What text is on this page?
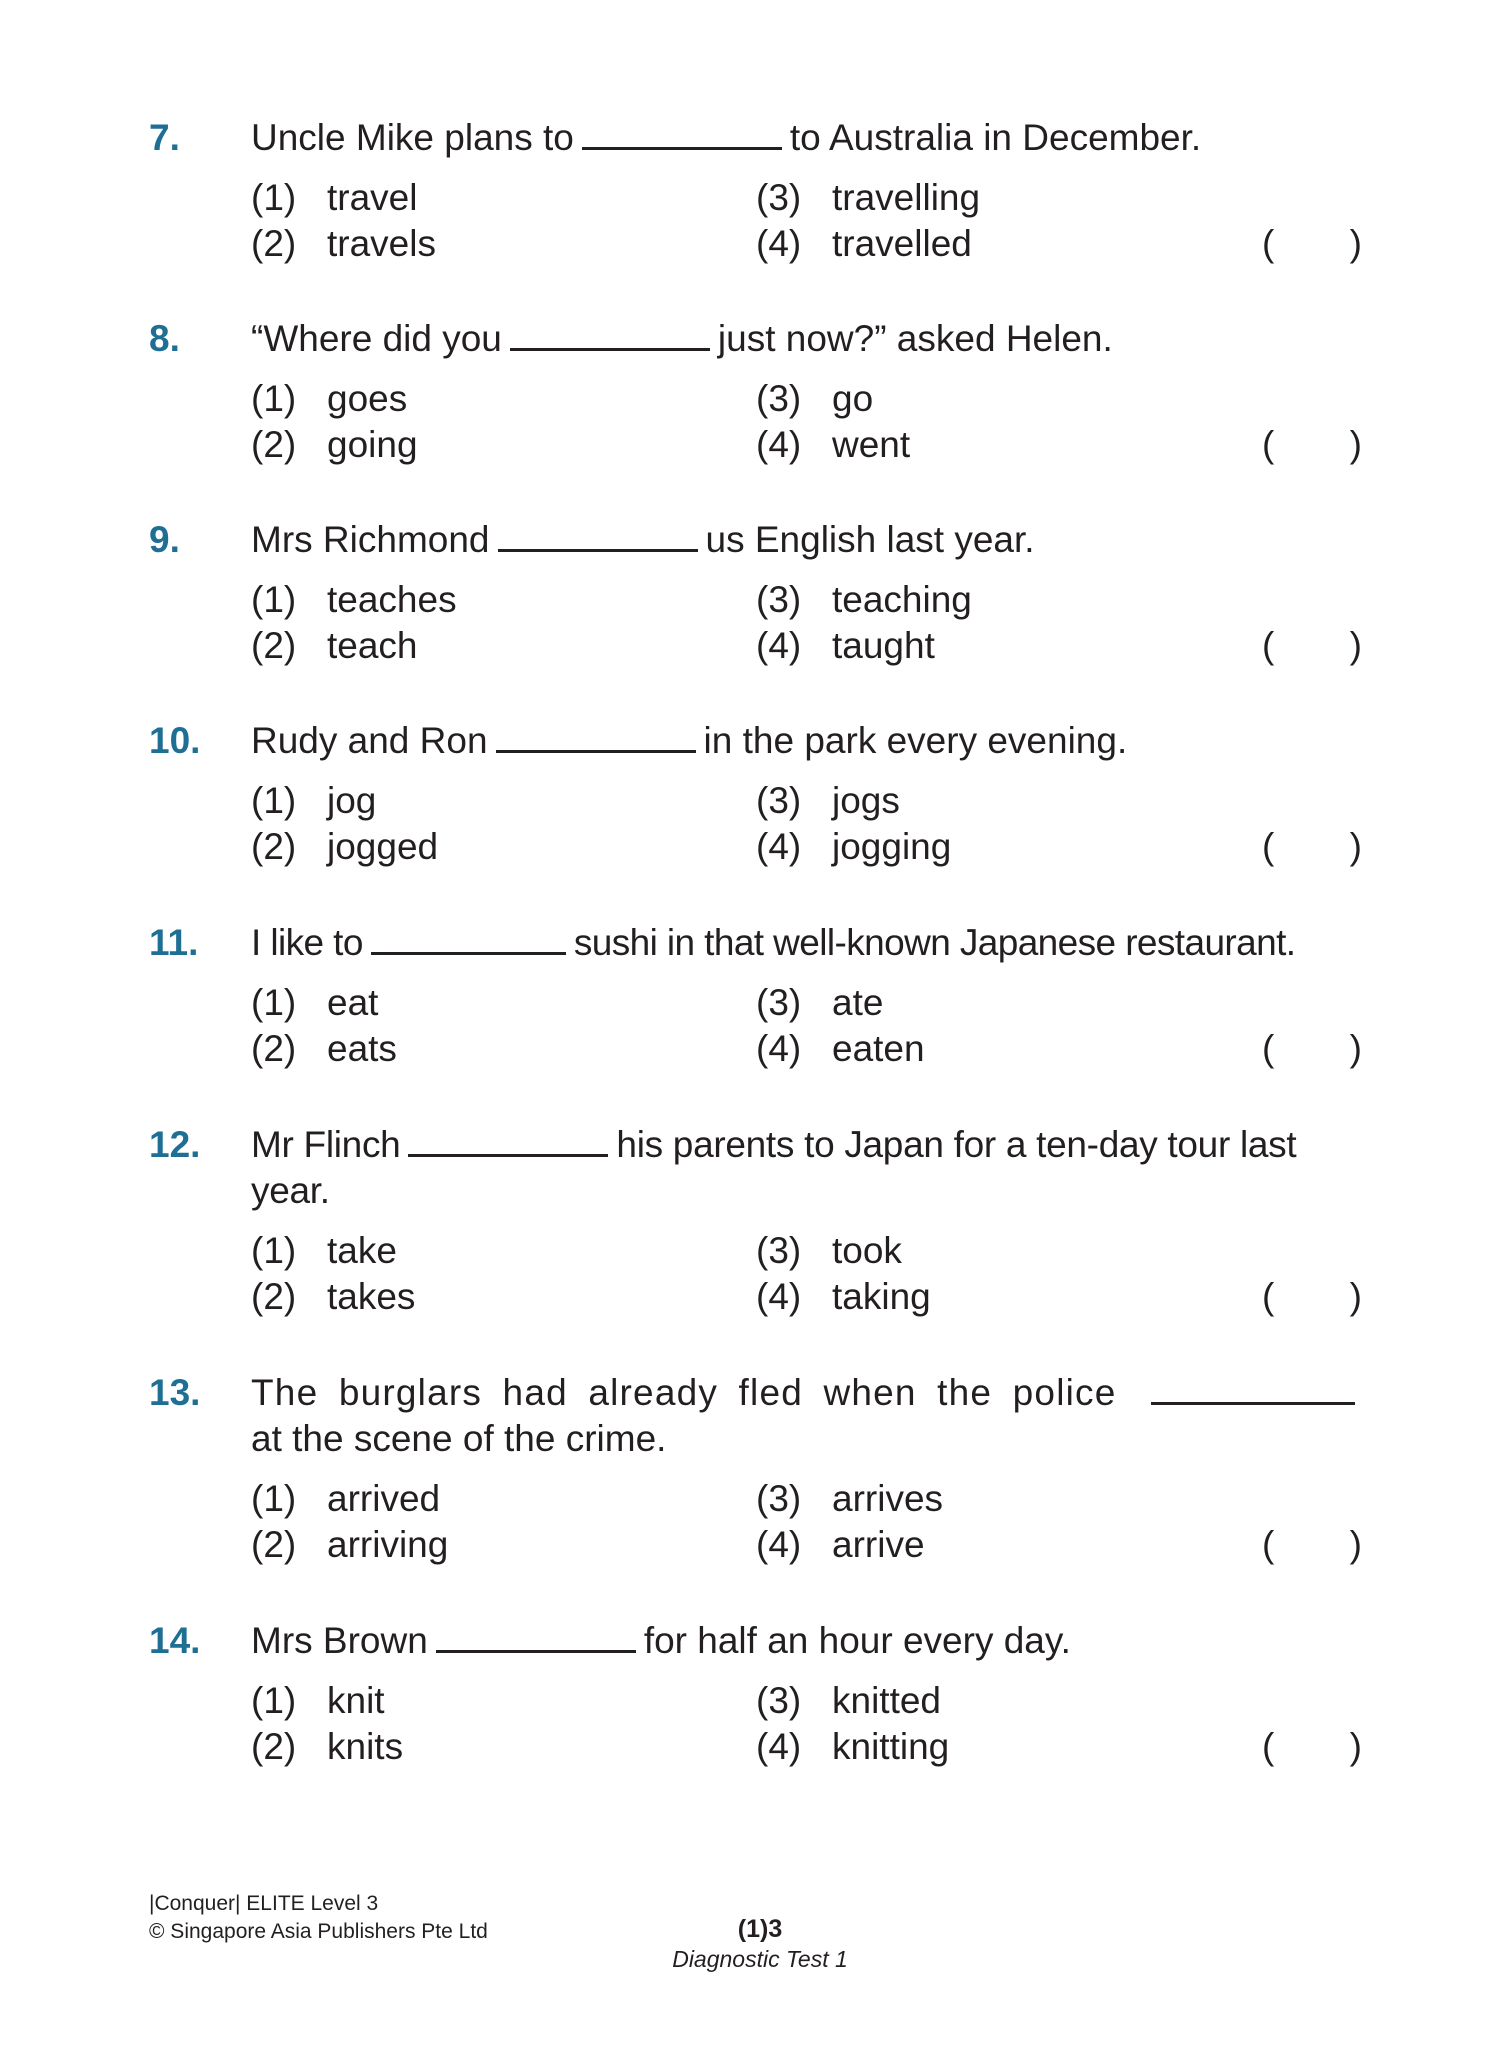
7. Uncle Mike plans to	to Australia in December.
(1) travel
(2) travels
(3) travelling
(4) travelled	( )
8. “Where did you	just now?” asked Helen.
(1) goes
(2) going
(3) go
(4) went	( )
9. Mrs Richmond	us English last year.
(1) teaches
(2) teach
(3) teaching
(4) taught	( )
10. Rudy and Ron	in the park every evening.
(1) jog
(2) jogged
(3) jogs
(4) jogging	( )
11. I like to	sushi in that well-known Japanese restaurant.
(1) eat
(2) eats
(3) ate
(4) eaten	( )
12. Mr Flinch	his parents to Japan for a ten-day tour last year.
(1) take
(2) takes
(3) took
(4) taking	( )
13. The burglars had already fled when the police  at the scene of the crime.
(1) arrived
(2) arriving
(3) arrives
(4) arrive	( )
14. Mrs Brown	for half an hour every day.
(1) knit
(2) knits
(3) knitted
(4) knitting	( )
|Conquer| ELITE Level 3
© Singapore Asia Publishers Pte Ltd	(1)3
Diagnostic Test 1
